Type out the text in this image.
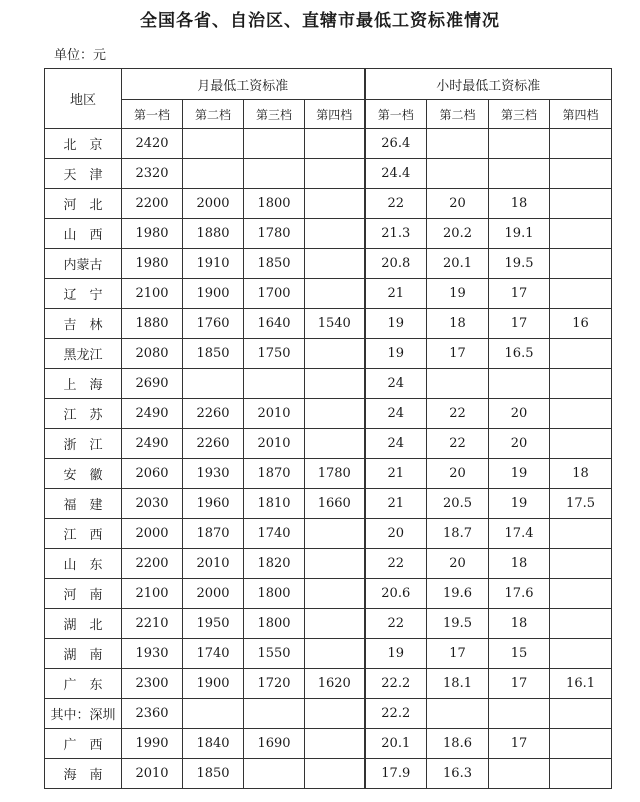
全国各省、自治区、直辖市最低工资标准情况
单位：元
地区	月最低工资标准				小时最低工资标准			
	第一档	第二档	第三档	第四档	第一档	第二档	第三档	第四档
北　京	2420				26.4			
天　津	2320				24.4			
河　北	2200	2000	1800		22	20	18	
山　西	1980	1880	1780		21.3	20.2	19.1	
内蒙古	1980	1910	1850		20.8	20.1	19.5	
辽　宁	2100	1900	1700		21	19	17	
吉　林	1880	1760	1640	1540	19	18	17	16
黑龙江	2080	1850	1750		19	17	16.5	
上　海	2690				24			
江　苏	2490	2260	2010		24	22	20	
浙　江	2490	2260	2010		24	22	20	
安　徽	2060	1930	1870	1780	21	20	19	18
福　建	2030	1960	1810	1660	21	20.5	19	17.5
江　西	2000	1870	1740		20	18.7	17.4	
山　东	2200	2010	1820		22	20	18	
河　南	2100	2000	1800		20.6	19.6	17.6	
湖　北	2210	1950	1800		22	19.5	18	
湖　南	1930	1740	1550		19	17	15	
广　东	2300	1900	1720	1620	22.2	18.1	17	16.1
其中：深圳	2360				22.2			
广　西	1990	1840	1690		20.1	18.6	17	
海　南	2010	1850			17.9	16.3		
